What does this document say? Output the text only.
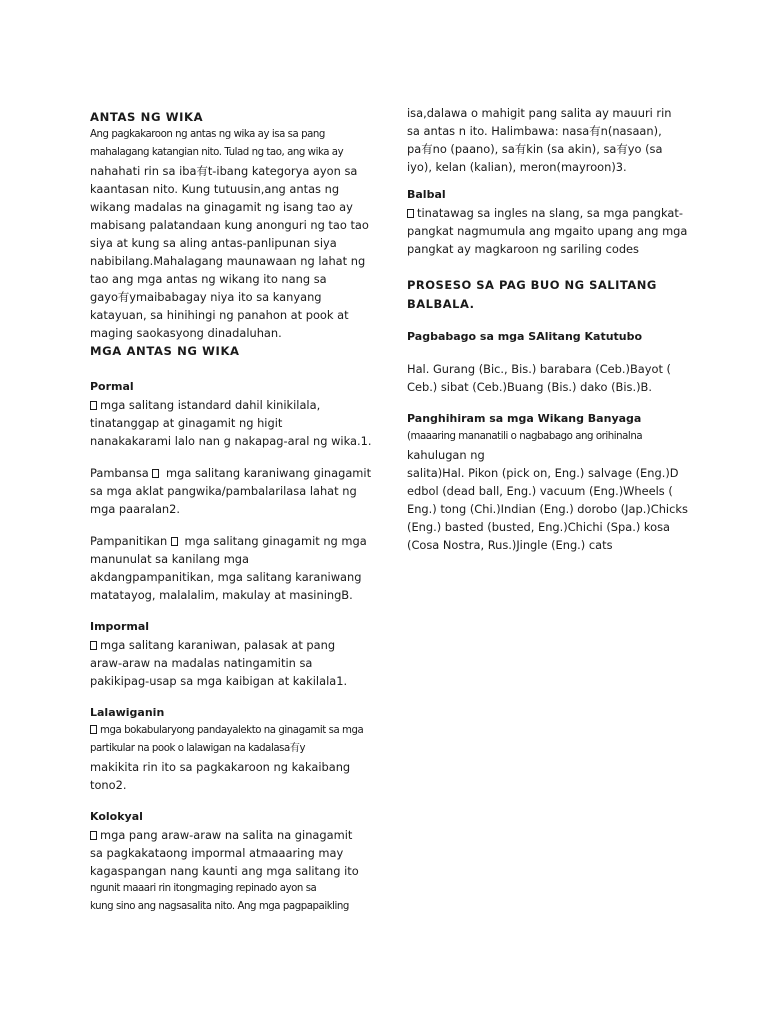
ANTAS NG WIKA

Ang pagkakaroon ng antas ng wika ay isa sa pang

mahalagang katangian nito. Tulad ng tao, ang wika ay

nahahati rin sa iba有t-ibang kategorya ayon sa

kaantasan nito. Kung tutuusin,ang antas ng

wikang madalas na ginagamit ng isang tao ay

mabisang palatandaan kung anonguri ng tao tao

siya at kung sa aling antas-panlipunan siya

nabibilang.Mahalagang maunawaan ng lahat ng

tao ang mga antas ng wikang ito nang sa

gayo有ymaibabagay niya ito sa kanyang

katayuan, sa hinihingi ng panahon at pook at

maging saokasyong dinadaluhan.

MGA ANTAS NG WIKA
Pormal

mga salitang istandard dahil kinikilala,

tinatanggap at ginagamit ng higit

nanakakarami lalo nan g nakapag-aral ng wika.1.

Pambansa  mga salitang karaniwang ginagamit

sa mga aklat pangwika/pambalarilasa lahat ng

mga paaralan2.

Pampanitikan  mga salitang ginagamit ng mga

manunulat sa kanilang mga

akdangpampanitikan, mga salitang karaniwang

matatayog, malalalim, makulay at masiningB.

Impormal

mga salitang karaniwan, palasak at pang

araw-araw na madalas natingamitin sa

pakikipag-usap sa mga kaibigan at kakilala1.

Lalawiganin

mga bokabularyong pandayalekto na ginagamit sa mga

partikular na pook o lalawigan na kadalasa有y

makikita rin ito sa pagkakaroon ng kakaibang

tono2.

Kolokyal

mga pang araw-araw na salita na ginagamit

sa pagkakataong impormal atmaaaring may

kagaspangan nang kaunti ang mga salitang ito

ngunit maaari rin itongmaging repinado ayon sa

kung sino ang nagsasalita nito. Ang mga pagpapaikling

isa,dalawa o mahigit pang salita ay mauuri rin

sa antas n ito. Halimbawa: nasa有n(nasaan),

pa有no (paano), sa有kin (sa akin), sa有yo (sa

iyo), kelan (kalian), meron(mayroon)3.

Balbal

tinatawag sa ingles na slang, sa mga pangkat-

pangkat nagmumula ang mgaito upang ang mga

pangkat ay magkaroon ng sariling codes

PROSESO SA PAG BUO NG SALITANG
BALBALA.
Pagbabago sa mga SAlitang Katutubo

Hal. Gurang (Bic., Bis.) barabara (Ceb.)Bayot (

Ceb.) sibat (Ceb.)Buang (Bis.) dako (Bis.)B.

Panghihiram sa mga Wikang Banyaga

(maaaring mananatili o nagbabago ang orihinalna

kahulugan ng

salita)Hal. Pikon (pick on, Eng.) salvage (Eng.)D

edbol (dead ball, Eng.) vacuum (Eng.)Wheels (

Eng.) tong (Chi.)Indian (Eng.) dorobo (Jap.)Chicks

(Eng.) basted (busted, Eng.)Chichi (Spa.) kosa

(Cosa Nostra, Rus.)Jingle (Eng.) cats
